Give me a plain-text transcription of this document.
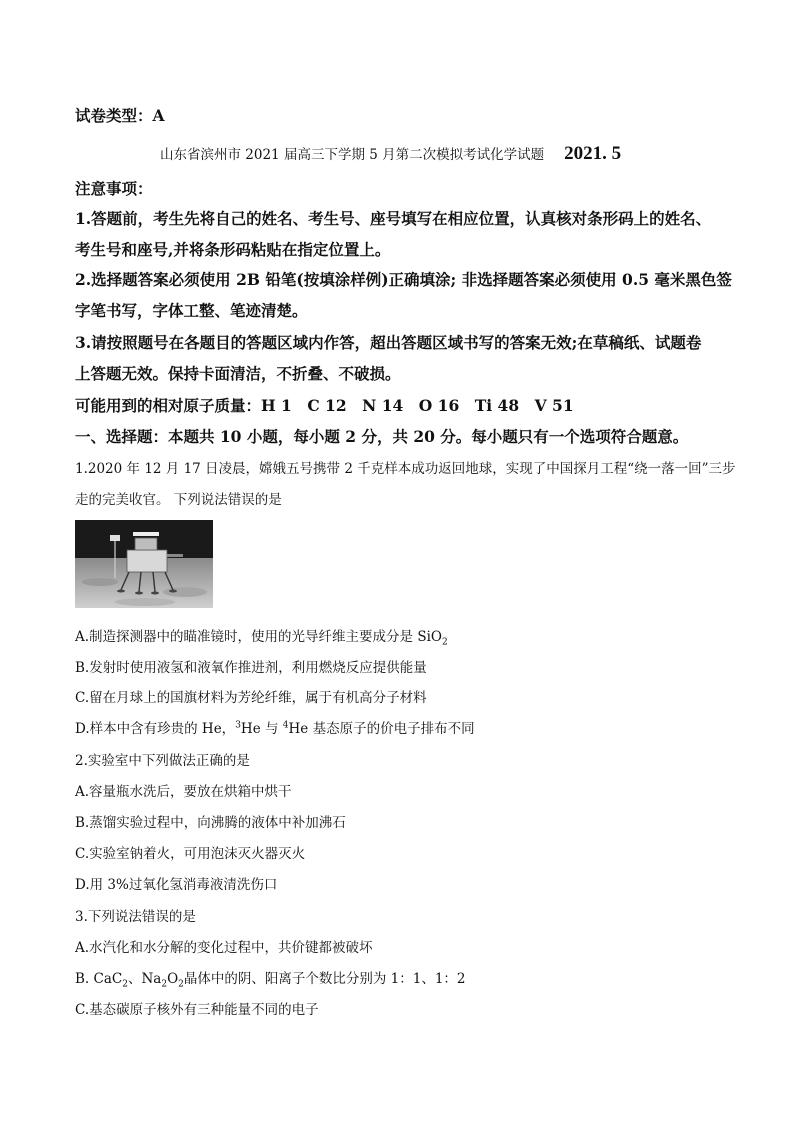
试卷类型：A
山东省滨州市 2021 届高三下学期 5 月第二次模拟考试化学试题 2021. 5
注意事项：
1.答题前，考生先将自己的姓名、考生号、座号填写在相应位置，认真核对条形码上的姓名、
考生号和座号,并将条形码粘贴在指定位置上。
2.选择题答案必须使用 2B 铅笔(按填涂样例)正确填涂; 非选择题答案必须使用 0.5 毫米黑色签
字笔书写，字体工整、笔迹清楚。
3.请按照题号在各题目的答题区域内作答，超出答题区域书写的答案无效;在草稿纸、试题卷
上答题无效。保持卡面清洁，不折叠、不破损。
可能用到的相对原子质量：H 1　C 12　N 14　O 16　Ti 48　V 51
一、选择题：本题共 10 小题，每小题 2 分，共 20 分。每小题只有一个选项符合题意。
1.2020 年 12 月 17 日凌晨，嫦娥五号携带 2 千克样本成功返回地球，实现了中国探月工程“绕一落一回”三步
走的完美收官。 下列说法错误的是
A.制造探测器中的瞄准镜时，使用的光导纤维主要成分是 SiO$_2$
B.发射时使用液氢和液氧作推进剂，利用燃烧反应提供能量
C.留在月球上的国旗材料为芳纶纤维，属于有机高分子材料
D.样本中含有珍贵的 He，$^3$He 与 $^4$He 基态原子的价电子排布不同
2.实验室中下列做法正确的是
A.容量瓶水洗后，要放在烘箱中烘干
B.蒸馏实验过程中，向沸腾的液体中补加沸石
C.实验室钠着火，可用泡沫灭火器灭火
D.用 3%过氧化氢消毒液清洗伤口
3.下列说法错误的是
A.水汽化和水分解的变化过程中，共价键都被破坏
B. CaC$_2$、$Na_2O_2$晶体中的阴、阳离子个数比分别为 1：1、1：2
C.基态碳原子核外有三种能量不同的电子
